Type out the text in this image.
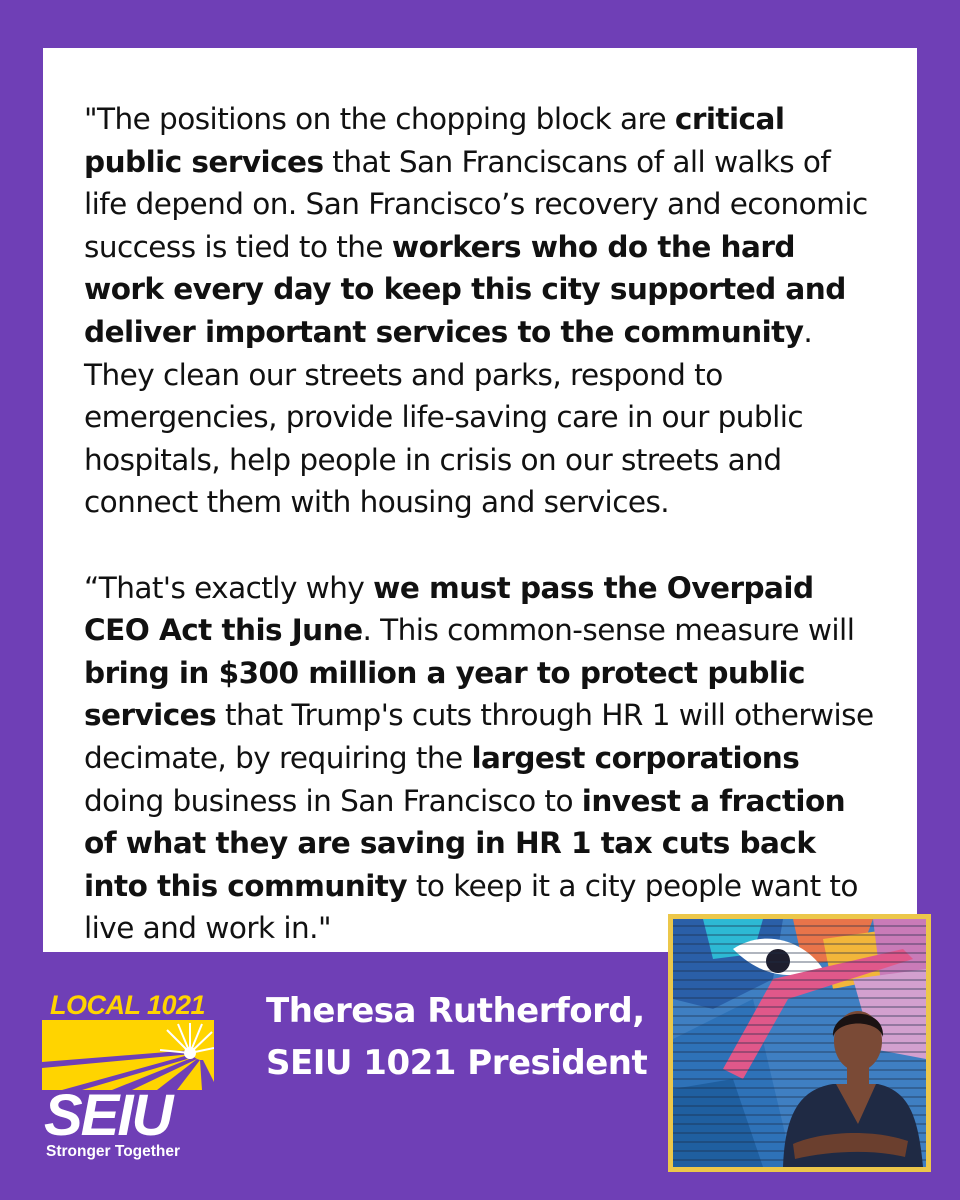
"The positions on the chopping block are critical public services that San Franciscans of all walks of life depend on. San Francisco’s recovery and economic success is tied to the workers who do the hard work every day to keep this city supported and deliver important services to the community. They clean our streets and parks, respond to emergencies, provide life-saving care in our public hospitals, help people in crisis on our streets and connect them with housing and services.

“That's exactly why we must pass the Overpaid CEO Act this June. This common-sense measure will bring in $300 million a year to protect public services that Trump's cuts through HR 1 will otherwise decimate, by requiring the largest corporations doing business in San Francisco to invest a fraction of what they are saving in HR 1 tax cuts back into this community to keep it a city people want to live and work in."

LOCAL 1021
SEIU
Stronger Together
Theresa Rutherford,
SEIU 1021 President
